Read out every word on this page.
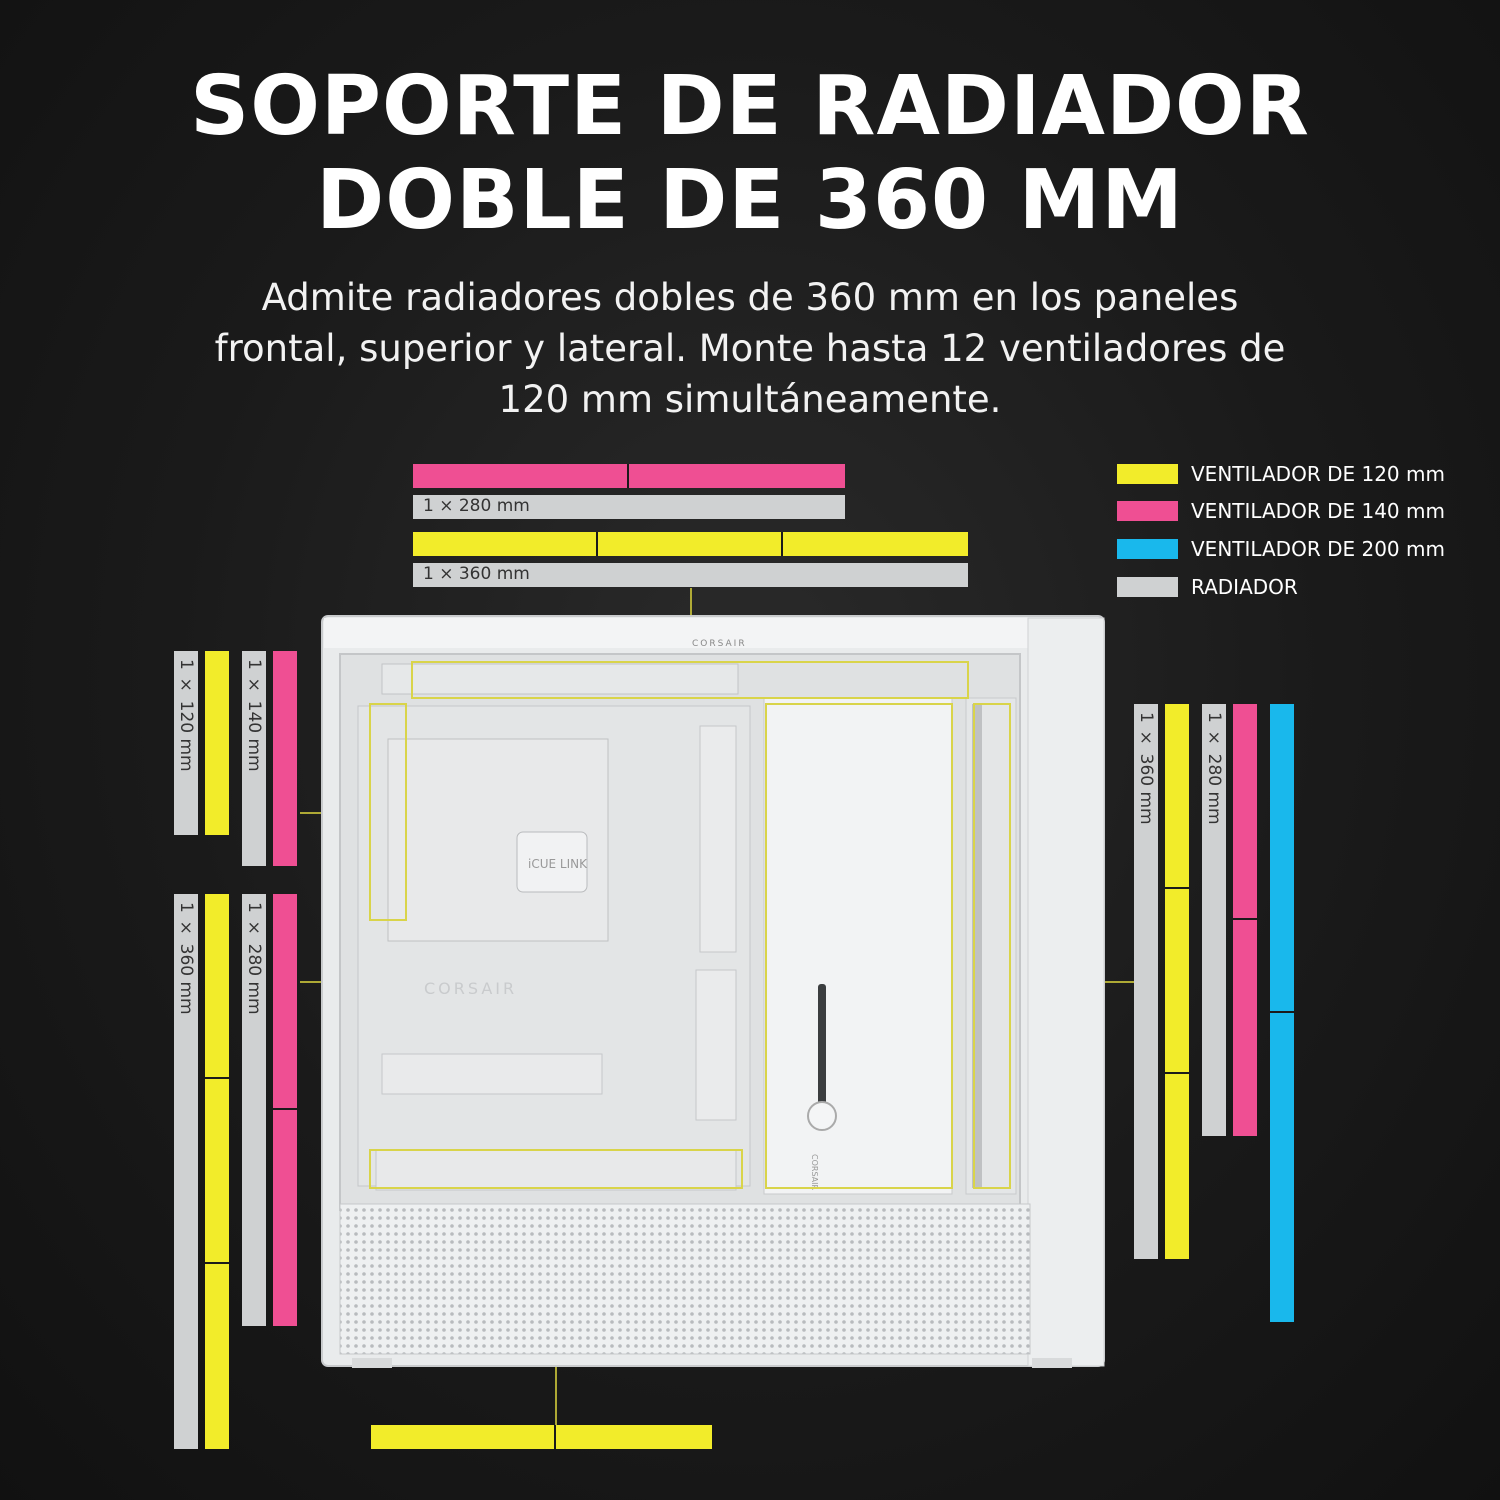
SOPORTE DE RADIADOR
DOBLE DE 360 MM
Admite radiadores dobles de 360 mm en los paneles
frontal, superior y lateral. Monte hasta 12 ventiladores de
120 mm simultáneamente.
VENTILADOR DE 120 mm
VENTILADOR DE 140 mm
VENTILADOR DE 200 mm
RADIADOR
1 × 280 mm
1 × 360 mm
1 × 120 mm	1 × 140 mm
1 × 360 mm	1 × 280 mm
1 × 360 mm	1 × 280 mm
CORSAIR
iCUE LINK
CORSAIR
CORSAIR
